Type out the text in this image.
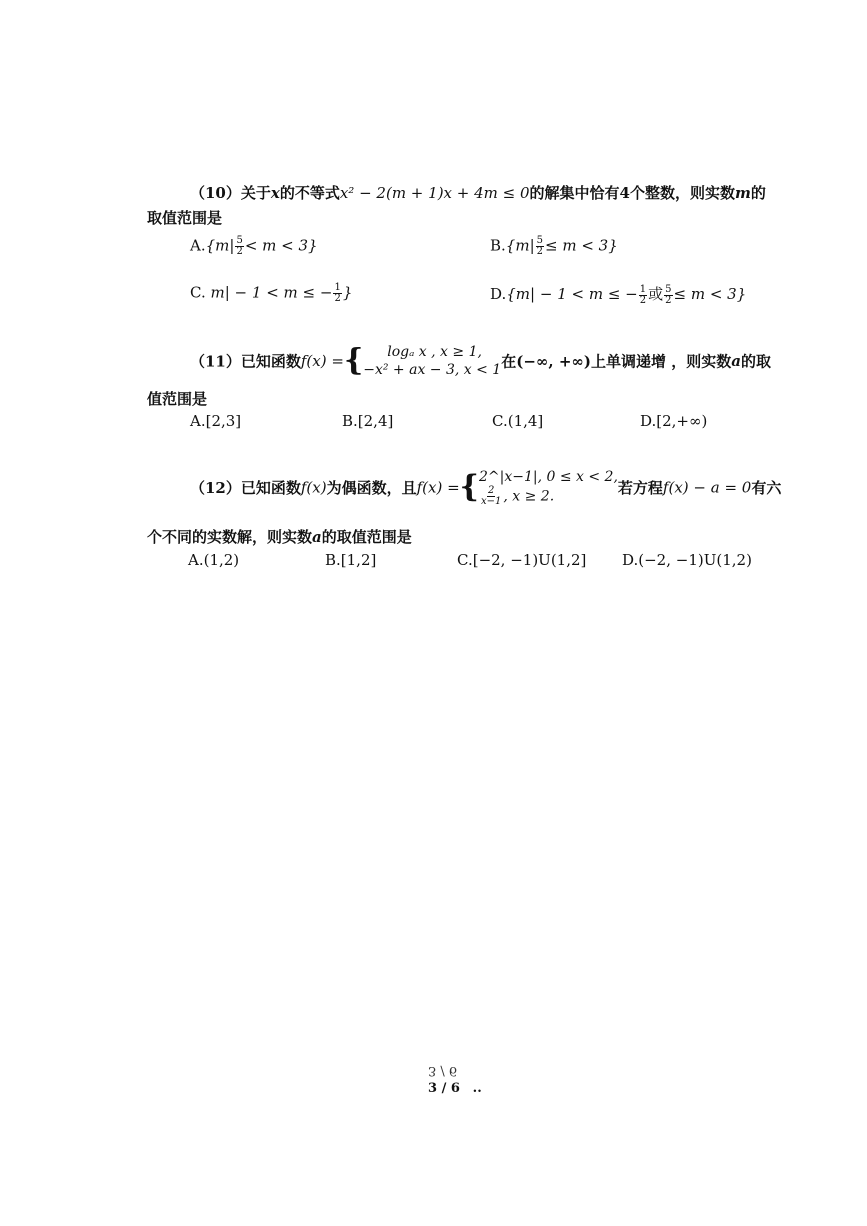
（10）关于x的不等式x² − 2(m + 1)x + 4m ≤ 0的解集中恰有4个整数，则实数m的
取值范围是
$A.\{m| \frac{5}{2} < m < 3\}$	$B.\{m| \frac{5}{2} \le m < 3\}$
C. m| − 1 < m ≤ − $\frac{1}{2}$ }	D.{m| − 1 < m ≤ − $\frac{1}{2}$ 或 $\frac{5}{2} \le m < 3$}
（11）已知函数f(x) ={	logₐ x , x ≥ 1,
−x² + ax − 3, x < 1 在(−∞, +∞)上单调递增 ，则实数a的取
值范围是
A.[2,3]	B.[2,4]	C.(1,4]	D.[2,+∞)
（12）已知函数f(x)为偶函数，且f(x) ={ 2^|x−1|, 0 ≤ x < 2,
$\frac{2}{x-1}$ , x ≥ 2.	若方程f(x) − a = 0有六
个不同的实数解，则实数a的取值范围是
A.(1,2)	B.[1,2]	C.[−2, −1)U(1,2] D.(−2, −1)U(1,2)
3 / 6
3 / 6 ..
